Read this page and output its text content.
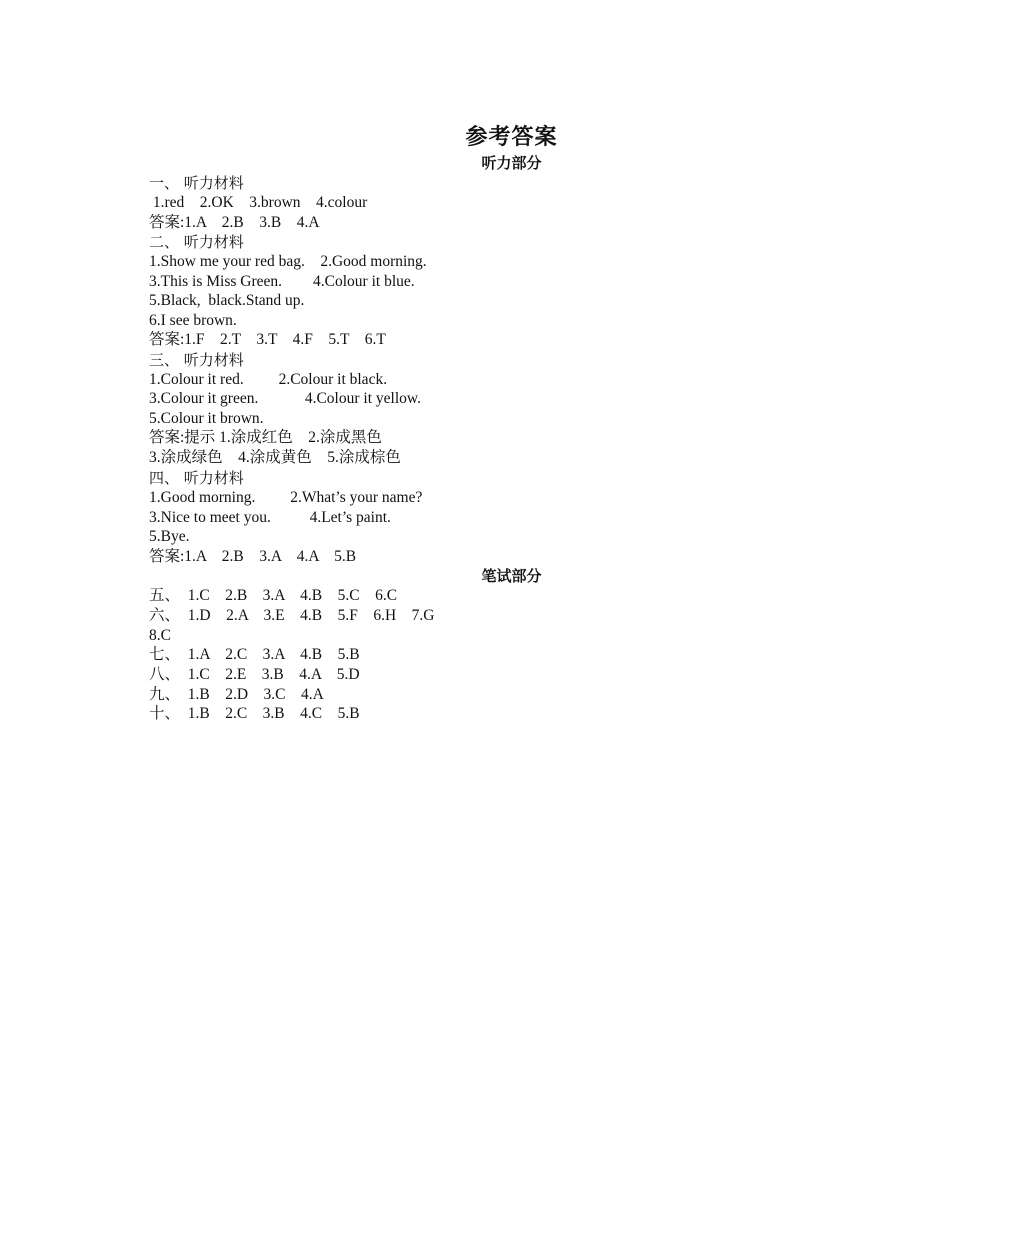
参考答案
听力部分
一、 听力材料
1.red    2.OK    3.brown    4.colour
答案:1.A    2.B    3.B    4.A
二、 听力材料
1.Show me your red bag.    2.Good morning.
3.This is Miss Green.        4.Colour it blue.
5.Black,  black.Stand up.
6.I see brown.
答案:1.F    2.T    3.T    4.F    5.T    6.T
三、 听力材料
1.Colour it red.         2.Colour it black.
3.Colour it green.            4.Colour it yellow.
5.Colour it brown.
答案:提示 1.涂成红色    2.涂成黑色
3.涂成绿色    4.涂成黄色    5.涂成棕色
四、 听力材料
1.Good morning.         2.What’s your name?
3.Nice to meet you.          4.Let’s paint.
5.Bye.
答案:1.A    2.B    3.A    4.A    5.B
笔试部分
五、  1.C    2.B    3.A    4.B    5.C    6.C
六、  1.D    2.A    3.E    4.B    5.F    6.H    7.G
8.C
七、  1.A    2.C    3.A    4.B    5.B
八、  1.C    2.E    3.B    4.A    5.D
九、  1.B    2.D    3.C    4.A
十、  1.B    2.C    3.B    4.C    5.B
